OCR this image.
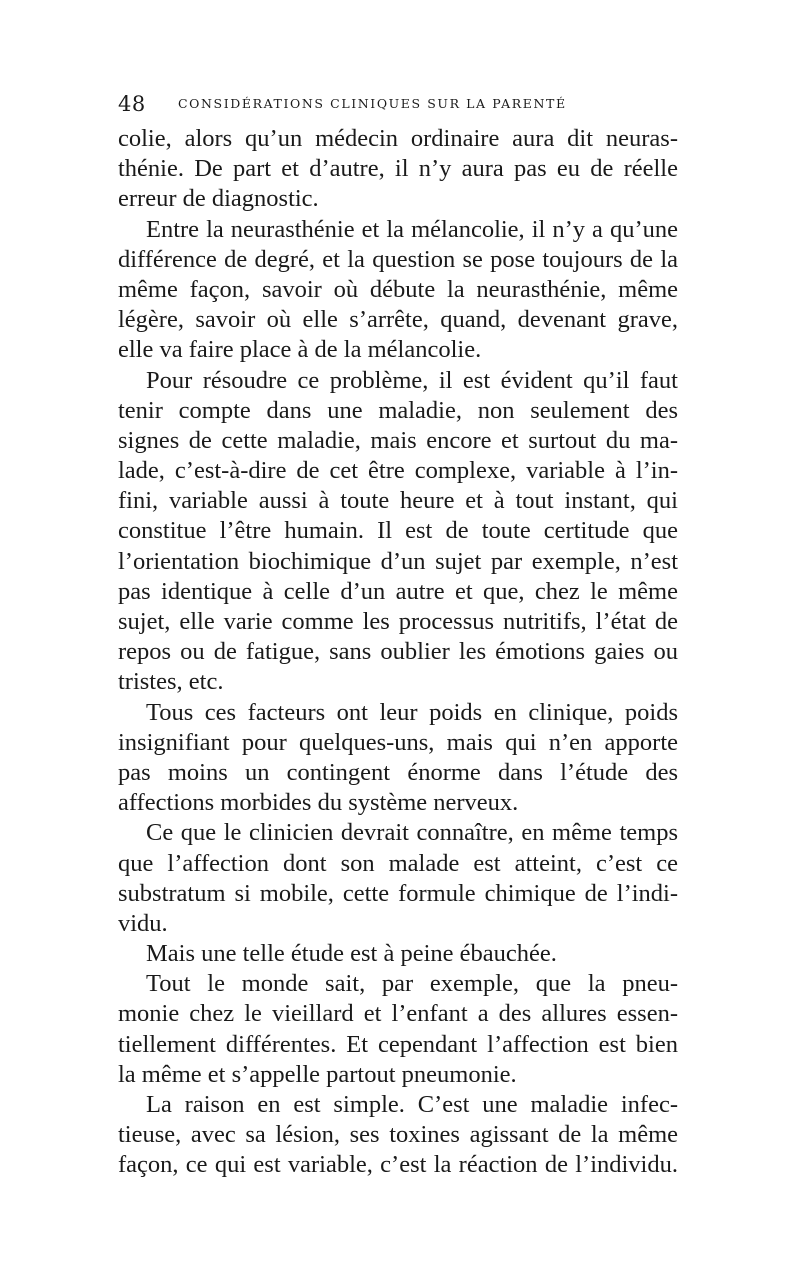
48	CONSIDÉRATIONS CLINIQUES SUR LA PARENTÉ
colie, alors qu’un médecin ordinaire aura dit neuras-
thénie. De part et d’autre, il n’y aura pas eu de réelle
erreur de diagnostic.
Entre la neurasthénie et la mélancolie, il n’y a qu’une
différence de degré, et la question se pose toujours de la
même façon, savoir où débute la neurasthénie, même
légère, savoir où elle s’arrête, quand, devenant grave,
elle va faire place à de la mélancolie.
Pour résoudre ce problème, il est évident qu’il faut
tenir compte dans une maladie, non seulement des
signes de cette maladie, mais encore et surtout du ma-
lade, c’est-à-dire de cet être complexe, variable à l’in-
fini, variable aussi à toute heure et à tout instant, qui
constitue l’être humain. Il est de toute certitude que
l’orientation biochimique d’un sujet par exemple, n’est
pas identique à celle d’un autre et que, chez le même
sujet, elle varie comme les processus nutritifs, l’état de
repos ou de fatigue, sans oublier les émotions gaies ou
tristes, etc.
Tous ces facteurs ont leur poids en clinique, poids
insignifiant pour quelques-uns, mais qui n’en apporte
pas moins un contingent énorme dans l’étude des
affections morbides du système nerveux.
Ce que le clinicien devrait connaître, en même temps
que l’affection dont son malade est atteint, c’est ce
substratum si mobile, cette formule chimique de l’indi-
vidu.
Mais une telle étude est à peine ébauchée.
Tout le monde sait, par exemple, que la pneu-
monie chez le vieillard et l’enfant a des allures essen-
tiellement différentes. Et cependant l’affection est bien
la même et s’appelle partout pneumonie.
La raison en est simple. C’est une maladie infec-
tieuse, avec sa lésion, ses toxines agissant de la même
façon, ce qui est variable, c’est la réaction de l’individu.
